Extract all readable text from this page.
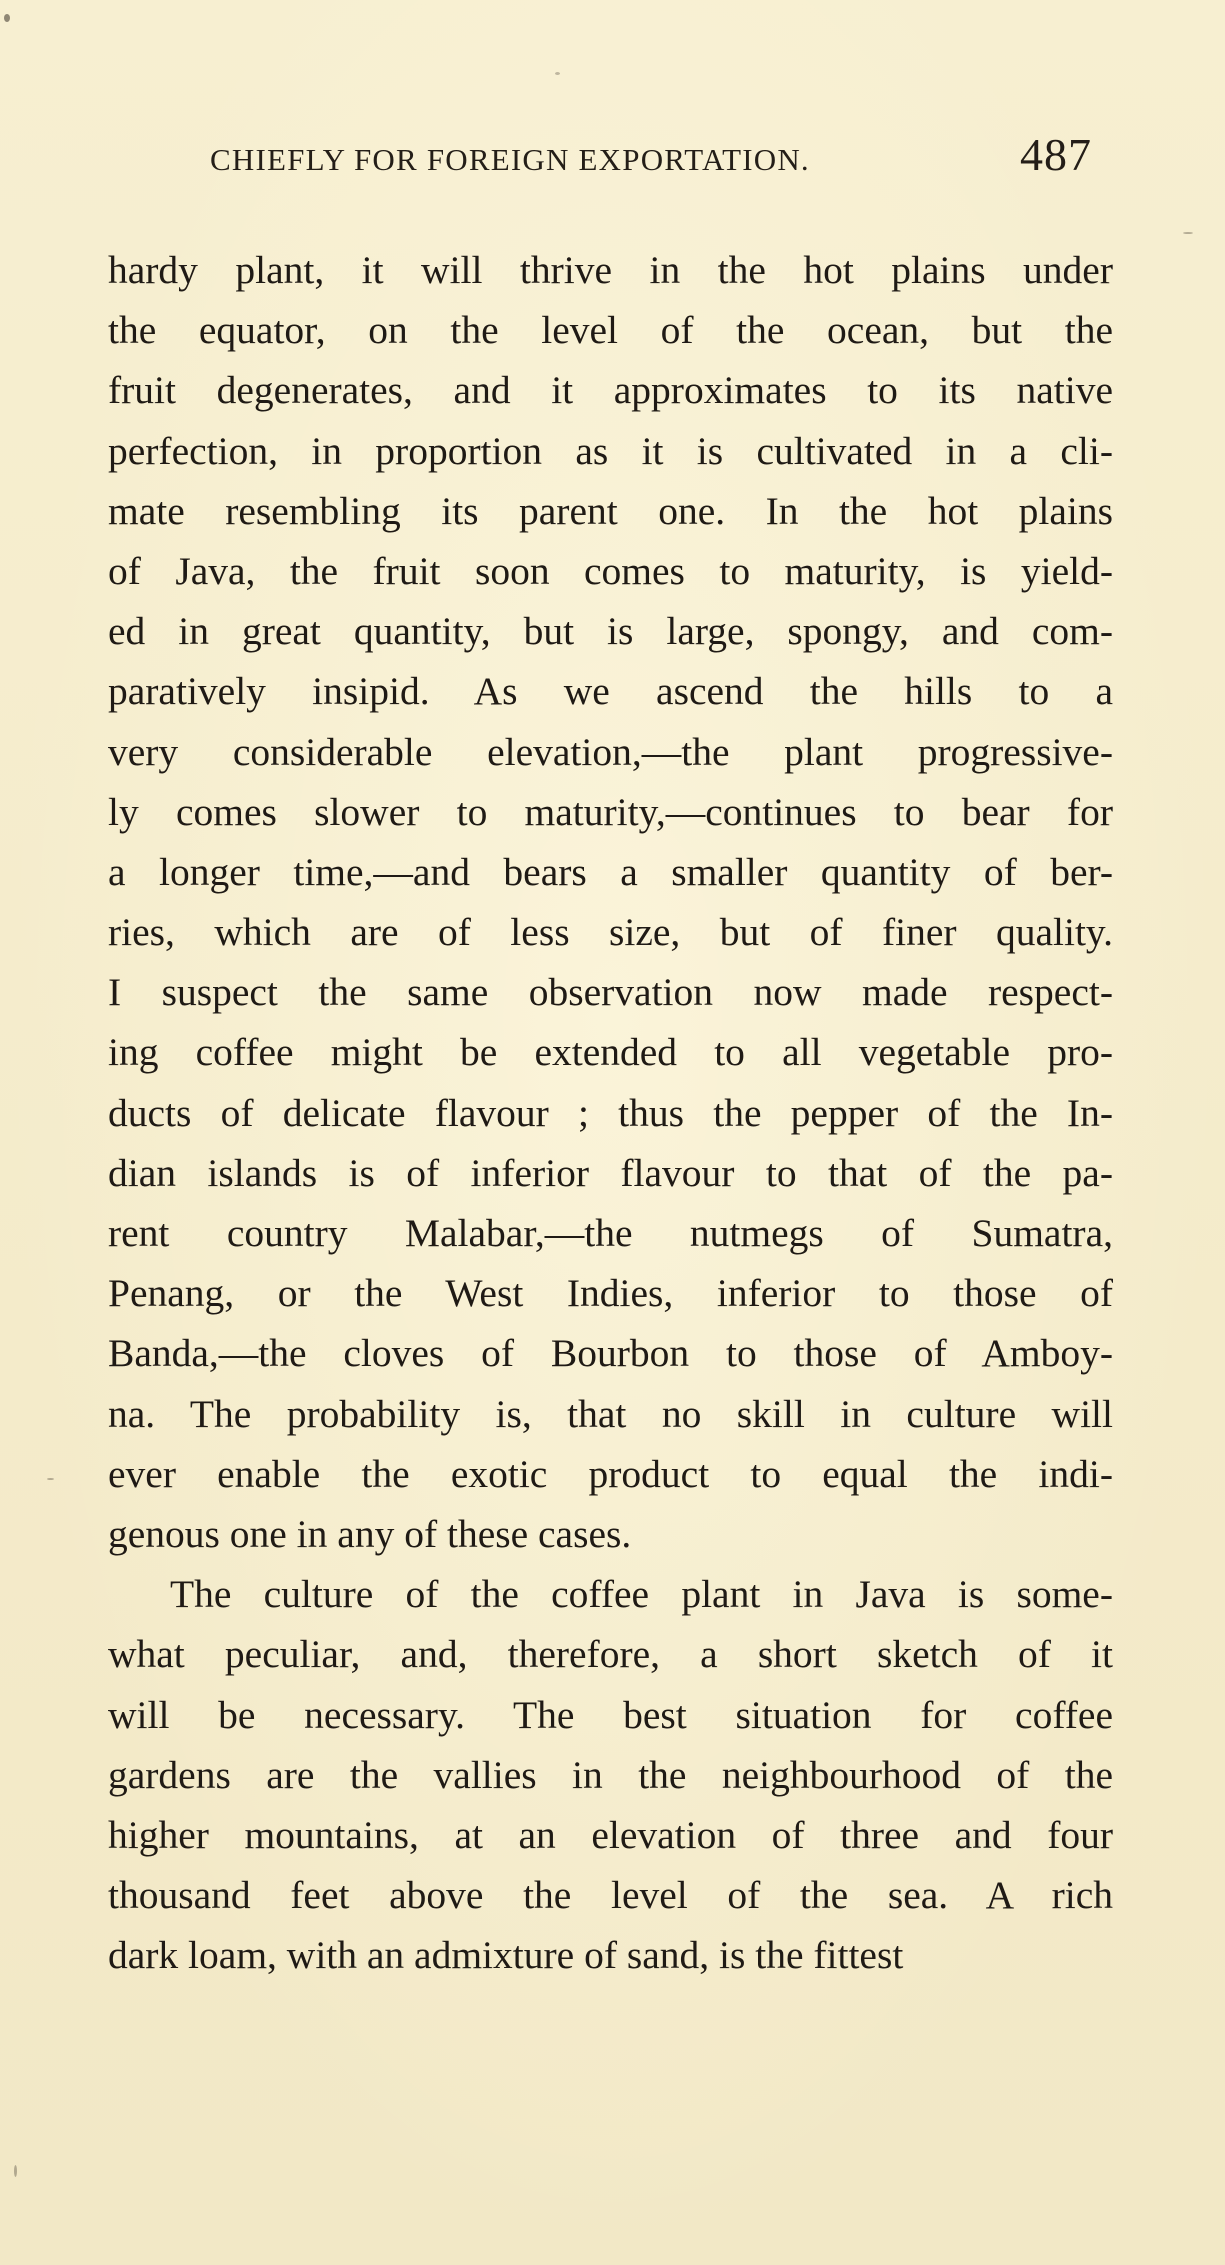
CHIEFLY FOR FOREIGN EXPORTATION.	487
hardy plant, it will thrive in the hot plains under
the equator, on the level of the ocean, but the
fruit degenerates, and it approximates to its native
perfection, in proportion as it is cultivated in a cli-
mate resembling its parent one. In the hot plains
of Java, the fruit soon comes to maturity, is yield-
ed in great quantity, but is large, spongy, and com-
paratively insipid. As we ascend the hills to a
very considerable elevation,—the plant progressive-
ly comes slower to maturity,—continues to bear for
a longer time,—and bears a smaller quantity of ber-
ries, which are of less size, but of finer quality.
I suspect the same observation now made respect-
ing coffee might be extended to all vegetable pro-
ducts of delicate flavour ; thus the pepper of the In-
dian islands is of inferior flavour to that of the pa-
rent country Malabar,—the nutmegs of Sumatra,
Penang, or the West Indies, inferior to those of
Banda,—the cloves of Bourbon to those of Amboy-
na. The probability is, that no skill in culture will
ever enable the exotic product to equal the indi-
genous one in any of these cases.
The culture of the coffee plant in Java is some-
what peculiar, and, therefore, a short sketch of it
will be necessary. The best situation for coffee
gardens are the vallies in the neighbourhood of the
higher mountains, at an elevation of three and four
thousand feet above the level of the sea. A rich
dark loam, with an admixture of sand, is the fittest
